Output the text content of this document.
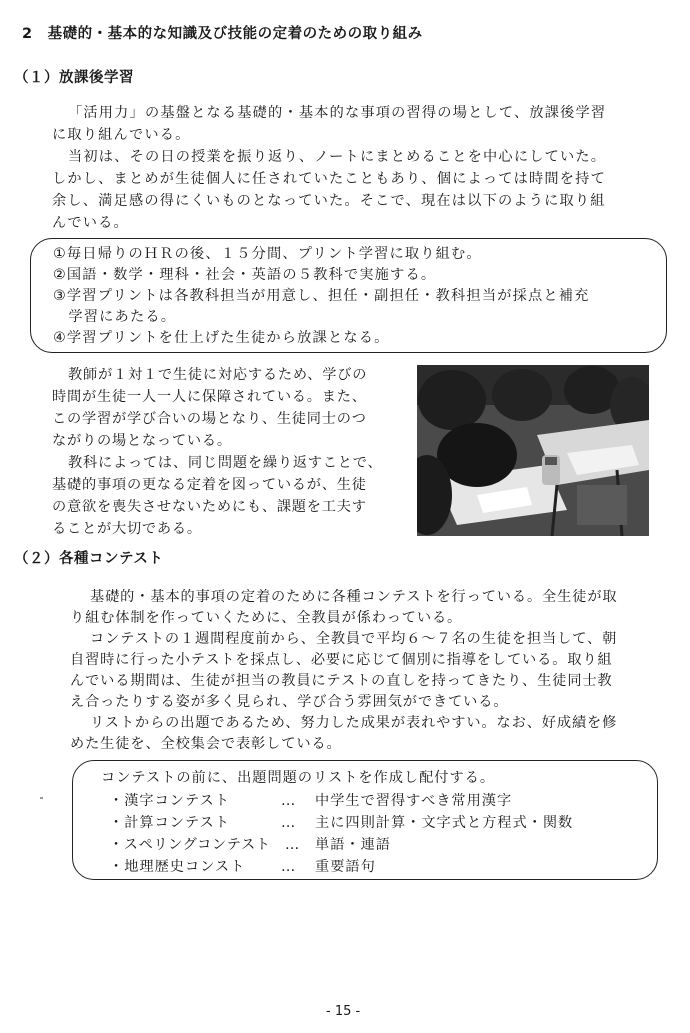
2　基礎的・基本的な知識及び技能の定着のための取り組み
（１）放課後学習
「活用力」の基盤となる基礎的・基本的な事項の習得の場として、放課後学習
に取り組んでいる。
当初は、その日の授業を振り返り、ノートにまとめることを中心にしていた。
しかし、まとめが生徒個人に任されていたこともあり、個によっては時間を持て
余し、満足感の得にくいものとなっていた。そこで、現在は以下のように取り組
んでいる。
①毎日帰りのＨＲの後、１５分間、プリント学習に取り組む。
②国語・数学・理科・社会・英語の５教科で実施する。
③学習プリントは各教科担当が用意し、担任・副担任・教科担当が採点と補充
　学習にあたる。
④学習プリントを仕上げた生徒から放課となる。
教師が１対１で生徒に対応するため、学びの
時間が生徒一人一人に保障されている。また、
この学習が学び合いの場となり、生徒同士のつ
ながりの場となっている。
教科によっては、同じ問題を繰り返すことで、
基礎的事項の更なる定着を図っているが、生徒
の意欲を喪失させないためにも、課題を工夫す
ることが大切である。
（２）各種コンテスト
基礎的・基本的事項の定着のために各種コンテストを行っている。全生徒が取
り組む体制を作っていくために、全教員が係わっている。
コンテストの１週間程度前から、全教員で平均６～７名の生徒を担当して、朝
自習時に行った小テストを採点し、必要に応じて個別に指導をしている。取り組
んでいる期間は、生徒が担当の教員にテストの直しを持ってきたり、生徒同士教
え合ったりする姿が多く見られ、学び合う雰囲気ができている。
リストからの出題であるため、努力した成果が表れやすい。なお、好成績を修
めた生徒を、全校集会で表彰している。
コンテストの前に、出題問題のリストを作成し配付する。
・漢字コンテスト	… 中学生で習得すべき常用漢字
・計算コンテスト	… 主に四則計算・文字式と方程式・関数
・スペリングコンテスト … 単語・連語
・地理歴史コンスト	… 重要語句
- 15 -
